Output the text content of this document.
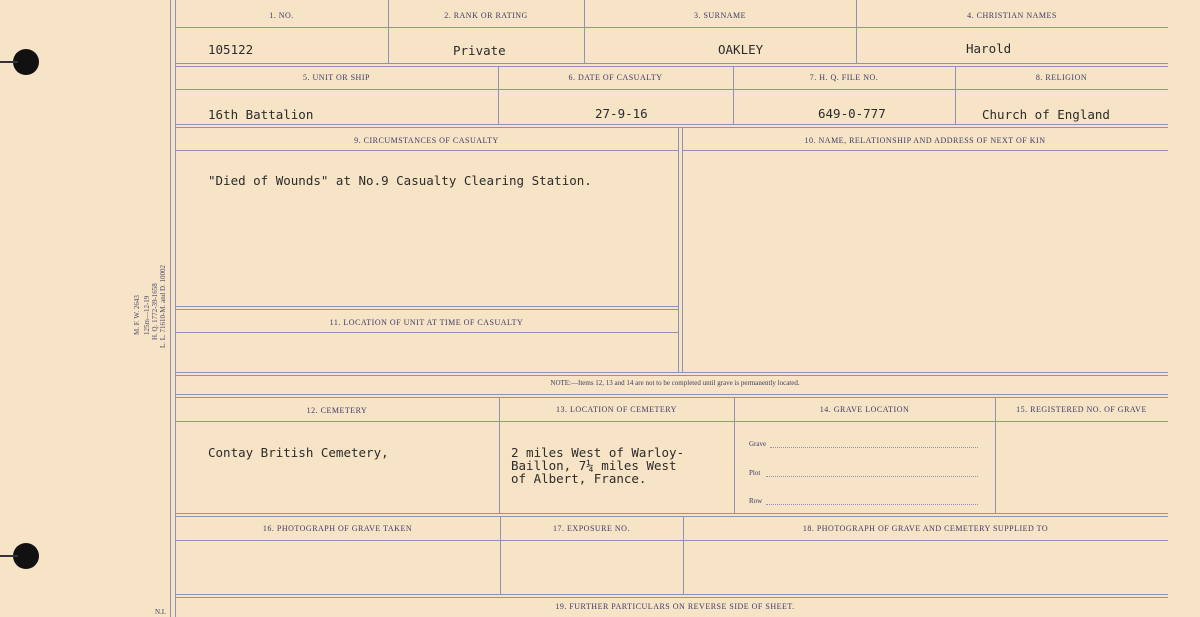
M. F. W. 2643 125m—12-19 H. Q. 1772-39-1658 L. L. 71610-M. and D. 10002
N.I.
1. NO.	2. RANK OR RATING	3. SURNAME	4. CHRISTIAN NAMES
105122	Private	OAKLEY	Harold
5. UNIT OR SHIP	6. DATE OF CASUALTY	7. H. Q. FILE NO.	8. RELIGION
16th Battalion	27-9-16	649-0-777	Church of England
9. CIRCUMSTANCES OF CASUALTY	10. NAME, RELATIONSHIP AND ADDRESS OF NEXT OF KIN
11. LOCATION OF UNIT AT TIME OF CASUALTY
"Died of Wounds" at No.9 Casualty Clearing Station.
NOTE:—Items 12, 13 and 14 are not to be completed until grave is permanently located.
12. CEMETERY	13. LOCATION OF CEMETERY	14. GRAVE LOCATION	15. REGISTERED NO. OF GRAVE
Contay British Cemetery,	2 miles West of Warloy-
Baillon, 7¼ miles West
of Albert, France.
Grave
Plot
Row
16. PHOTOGRAPH OF GRAVE TAKEN	17. EXPOSURE NO.	18. PHOTOGRAPH OF GRAVE AND CEMETERY SUPPLIED TO
19. FURTHER PARTICULARS ON REVERSE SIDE OF SHEET.
